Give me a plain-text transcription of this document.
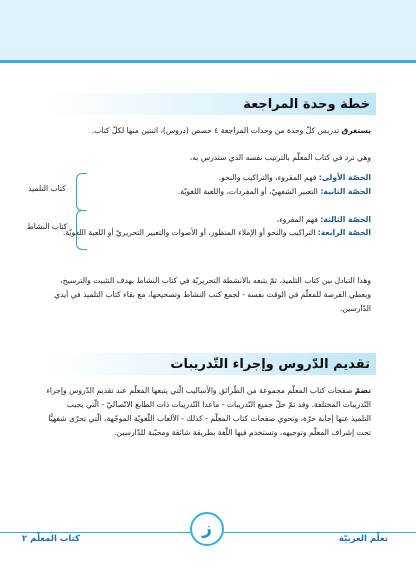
خطة وحدة المراجعة

يستغرق تدريس كلّ وحدة من وحدات المراجعة ٤ حصص (دروس)، اثنتين منها لكلّ كتاب.

وهي ترد في كتاب المعلّم بالترتيب نفسه الذي ستدرس به،

الحصّة الأولى: فهم المقروء، والتراكيب والنحو.

الحصّة الثانية: التعبير الشفهيّ، أو المفردات، واللعبة اللغويّة.

الحصّة الثالثة: فهم المقروء،

الحصّة الرابعة: التراكيب والنحو أو الإملاء المنظور، أو الأصوات والتعبير التحريريّ أو اللعبة اللغويّة.

كتاب التلميذ
كتاب النشاط

وهذا التبادل بين كتاب التلميذ، ثمّ يتبعه بالانشطة التحريريّة في كتاب النشاط بهدف التثبيت والترسيخ، ويعطي الفرصة للمعلّم في الوقت نفسه - لجمع كتب النشاط وتصحيحها، مع بقاء كتاب التلميذ في أيدي الدّارسين.

تقديم الدّروس وإجراء التّدريبات

تضمّ صفحات كتاب المعلّم مجموعة من الطّرائق والأساليب الّتي يتبعها المعلّم عند تقديم الدّروس وإجراء التّدريبات المختلفة. وقد تمّ حلّ جميع التّدريبات - ماعدا التّدريبات ذات الطابع الاتّصاليّ - الّتي يجيب التلميذ عنها إجابة حرّة، وتحوي صفحات كتاب المعلّم - كذلك - الألعاب اللّغويّة الموجّهة، الّتي تحرّى شفهيًّا تحت إشراف المعلّم وتوجيهه، وتستخدم فيها اللّغة بطريقة شائقة ومحبّبة للدّارسين.

كتاب المعلّم ٢	تعلّم العربيّة
ز
